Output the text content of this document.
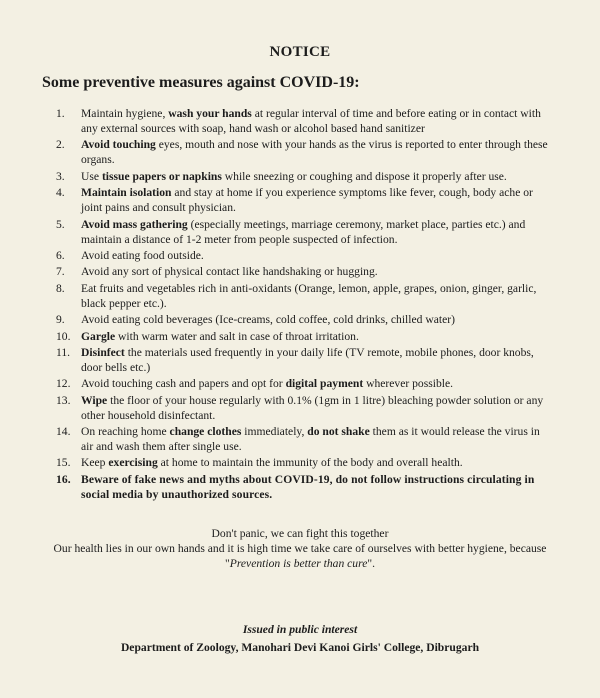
NOTICE
Some preventive measures against COVID-19:
1.	Maintain hygiene, wash your hands at regular interval of time and before eating or in contact with any external sources with soap, hand wash or alcohol based hand sanitizer
2.	Avoid touching eyes, mouth and nose with your hands as the virus is reported to enter through these organs.
3.	Use tissue papers or napkins while sneezing or coughing and dispose it properly after use.
4.	Maintain isolation and stay at home if you experience symptoms like fever, cough, body ache or joint pains and consult physician.
5.	Avoid mass gathering (especially meetings, marriage ceremony, market place, parties etc.) and maintain a distance of 1-2 meter from people suspected of infection.
6.	Avoid eating food outside.
7.	Avoid any sort of physical contact like handshaking or hugging.
8.	Eat fruits and vegetables rich in anti-oxidants (Orange, lemon, apple, grapes, onion, ginger, garlic, black pepper etc.).
9.	Avoid eating cold beverages (Ice-creams, cold coffee, cold drinks, chilled water)
10. Gargle with warm water and salt in case of throat irritation.
11. Disinfect the materials used frequently in your daily life (TV remote, mobile phones, door knobs, door bells etc.)
12. Avoid touching cash and papers and opt for digital payment wherever possible.
13. Wipe the floor of your house regularly with 0.1% (1gm in 1 litre) bleaching powder solution or any other household disinfectant.
14. On reaching home change clothes immediately, do not shake them as it would release the virus in air and wash them after single use.
15. Keep exercising at home to maintain the immunity of the body and overall health.
16. Beware of fake news and myths about COVID-19, do not follow instructions circulating in social media by unauthorized sources.

Don't panic, we can fight this together

Our health lies in our own hands and it is high time we take care of ourselves with better hygiene, because "Prevention is better than cure".

Issued in public interest

Department of Zoology, Manohari Devi Kanoi Girls' College, Dibrugarh
